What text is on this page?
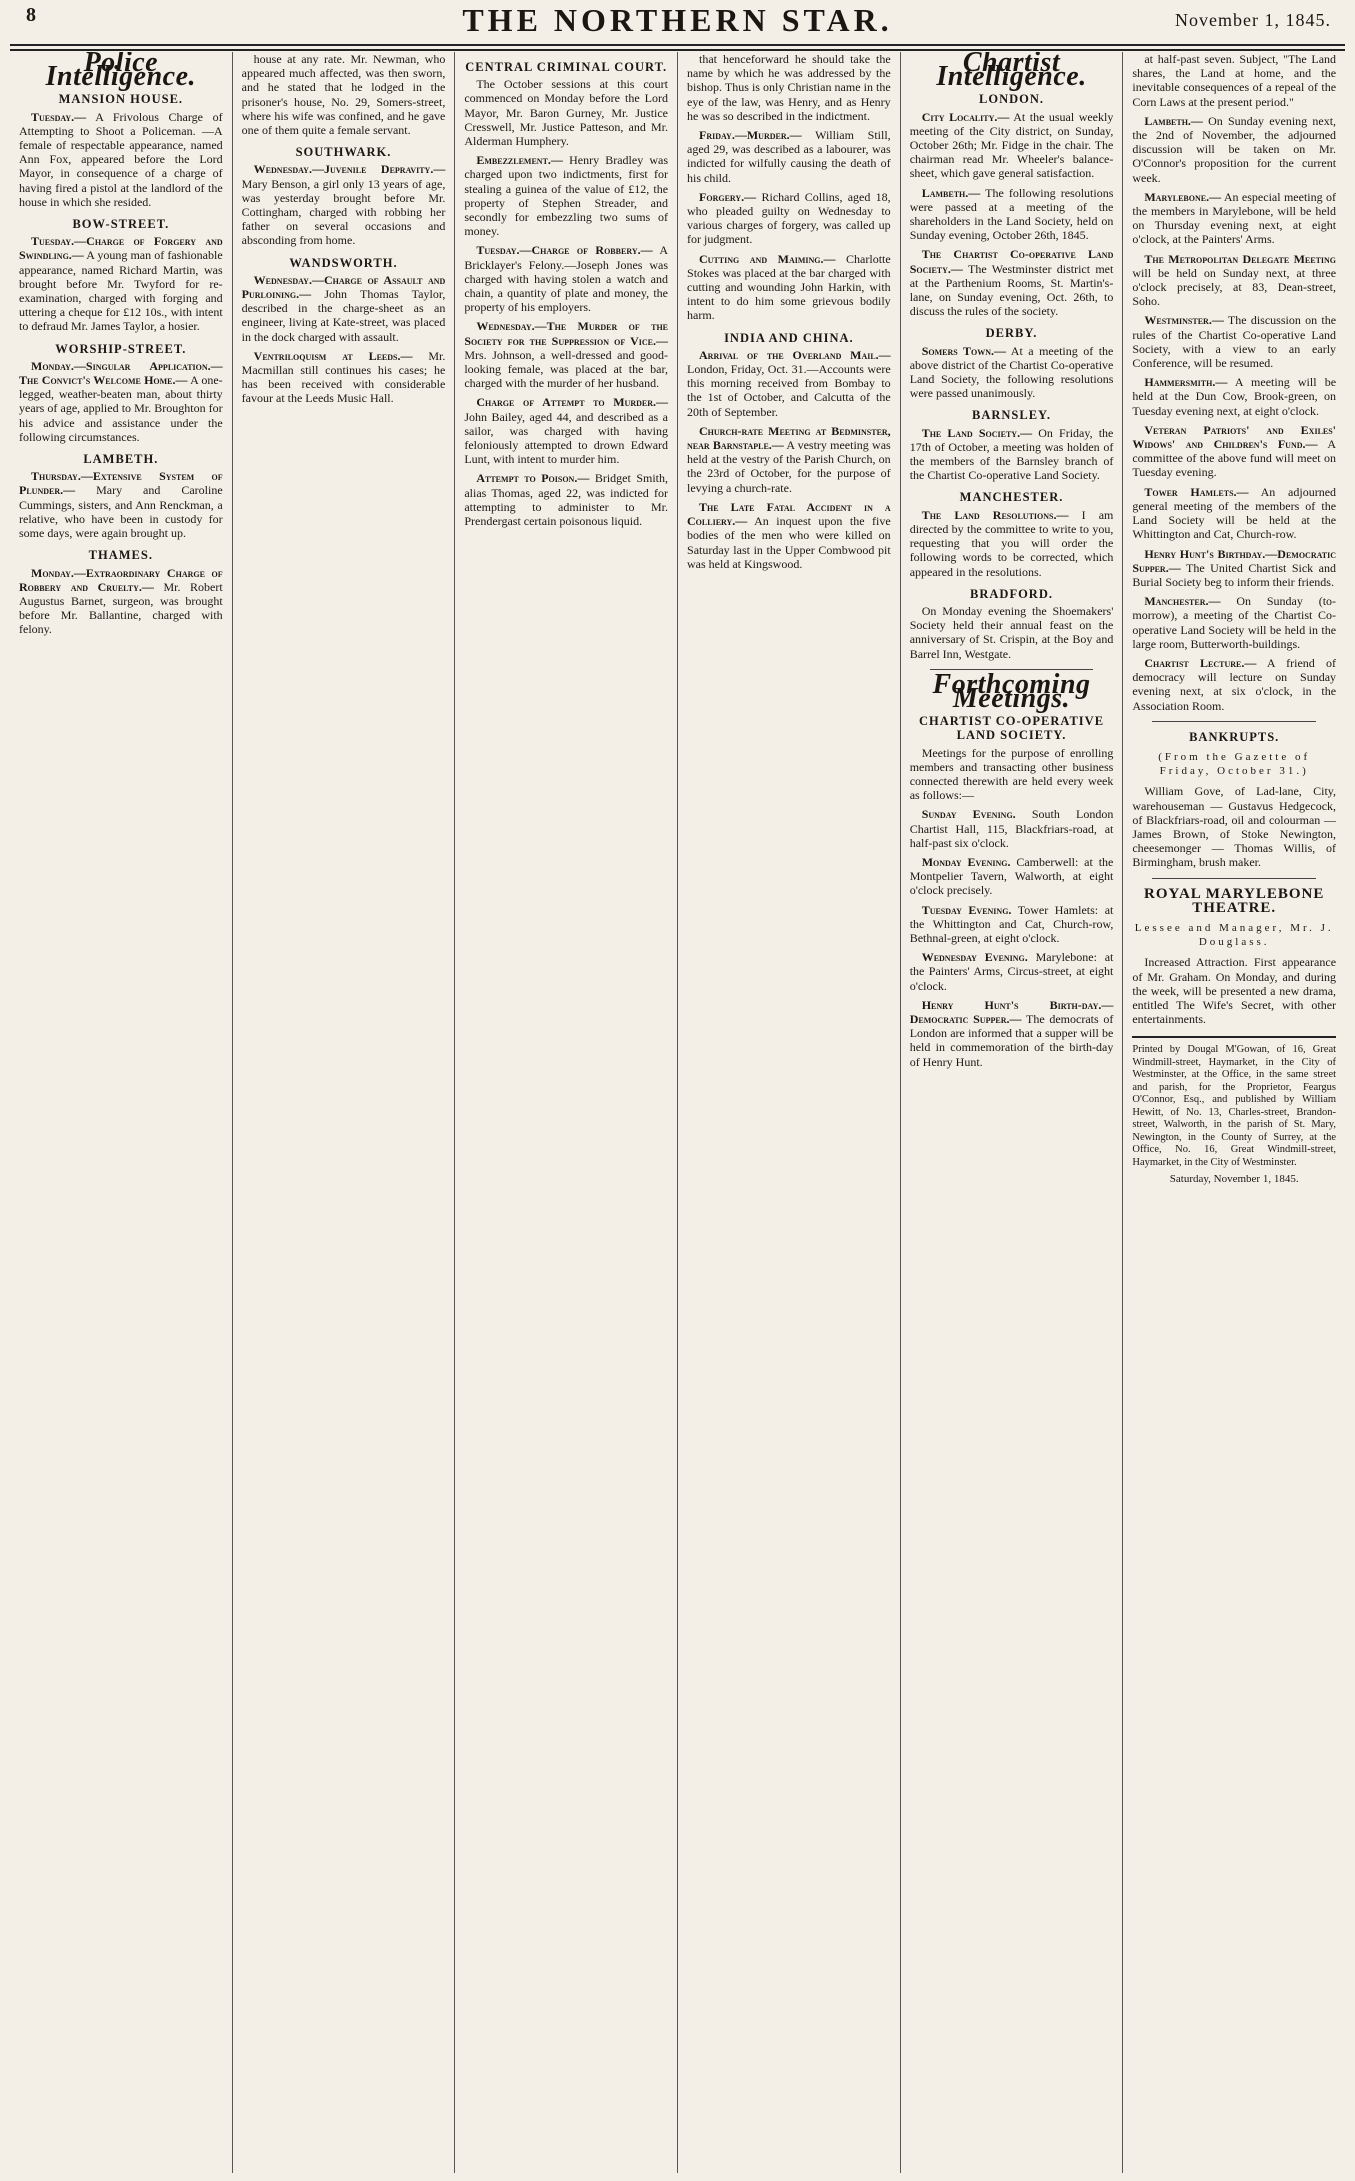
8	THE NORTHERN STAR.	November 1, 1845.
Police Intelligence.
MANSION HOUSE.

Tuesday.— A Frivolous Charge of Attempting to Shoot a Policeman. —A female of respectable appearance, named Ann Fox, appeared before the Lord Mayor, in consequence of a charge of having fired a pistol at the landlord of the house in which she resided.

BOW-STREET.

Tuesday.—Charge of Forgery and Swindling.— A young man of fashionable appearance, named Richard Martin, was brought before Mr. Twyford for re-examination, charged with forging and uttering a cheque for £12 10s., with intent to defraud Mr. James Taylor, a hosier.

WORSHIP-STREET.

Monday.—Singular Application.—The Convict's Welcome Home.— A one-legged, weather-beaten man, about thirty years of age, applied to Mr. Broughton for his advice and assistance under the following circumstances.

LAMBETH.

Thursday.—Extensive System of Plunder.— Mary and Caroline Cummings, sisters, and Ann Renckman, a relative, who have been in custody for some days, were again brought up.

THAMES.

Monday.—Extraordinary Charge of Robbery and Cruelty.— Mr. Robert Augustus Barnet, surgeon, was brought before Mr. Ballantine, charged with felony.

house at any rate. Mr. Newman, who appeared much affected, was then sworn, and he stated that he lodged in the prisoner's house, No. 29, Somers-street, where his wife was confined, and he gave one of them quite a female servant.

SOUTHWARK.

Wednesday.—Juvenile Depravity.— Mary Benson, a girl only 13 years of age, was yesterday brought before Mr. Cottingham, charged with robbing her father on several occasions and absconding from home.

WANDSWORTH.

Wednesday.—Charge of Assault and Purloining.— John Thomas Taylor, described in the charge-sheet as an engineer, living at Kate-street, was placed in the dock charged with assault.

Ventriloquism at Leeds.— Mr. Macmillan still continues his cases; he has been received with considerable favour at the Leeds Music Hall.

CENTRAL CRIMINAL COURT.

The October sessions at this court commenced on Monday before the Lord Mayor, Mr. Baron Gurney, Mr. Justice Cresswell, Mr. Justice Patteson, and Mr. Alderman Humphery.

Embezzlement.— Henry Bradley was charged upon two indictments, first for stealing a guinea of the value of £12, the property of Stephen Streader, and secondly for embezzling two sums of money.

Tuesday.—Charge of Robbery.— A Bricklayer's Felony.—Joseph Jones was charged with having stolen a watch and chain, a quantity of plate and money, the property of his employers.

Wednesday.—The Murder of the Society for the Suppression of Vice.— Mrs. Johnson, a well-dressed and good-looking female, was placed at the bar, charged with the murder of her husband.

Charge of Attempt to Murder.— John Bailey, aged 44, and described as a sailor, was charged with having feloniously attempted to drown Edward Lunt, with intent to murder him.

Attempt to Poison.— Bridget Smith, alias Thomas, aged 22, was indicted for attempting to administer to Mr. Prendergast certain poisonous liquid.

that henceforward he should take the name by which he was addressed by the bishop. Thus is only Christian name in the eye of the law, was Henry, and as Henry he was so described in the indictment.

Friday.—Murder.— William Still, aged 29, was described as a labourer, was indicted for wilfully causing the death of his child.

Forgery.— Richard Collins, aged 18, who pleaded guilty on Wednesday to various charges of forgery, was called up for judgment.

Cutting and Maiming.— Charlotte Stokes was placed at the bar charged with cutting and wounding John Harkin, with intent to do him some grievous bodily harm.

INDIA AND CHINA.

Arrival of the Overland Mail.— London, Friday, Oct. 31.—Accounts were this morning received from Bombay to the 1st of October, and Calcutta of the 20th of September.

Church-rate Meeting at Bedminster, near Barnstaple.— A vestry meeting was held at the vestry of the Parish Church, on the 23rd of October, for the purpose of levying a church-rate.

The Late Fatal Accident in a Colliery.— An inquest upon the five bodies of the men who were killed on Saturday last in the Upper Combwood pit was held at Kingswood.

Chartist Intelligence.
LONDON.

City Locality.— At the usual weekly meeting of the City district, on Sunday, October 26th; Mr. Fidge in the chair. The chairman read Mr. Wheeler's balance-sheet, which gave general satisfaction.

Lambeth.— The following resolutions were passed at a meeting of the shareholders in the Land Society, held on Sunday evening, October 26th, 1845.

The Chartist Co-operative Land Society.— The Westminster district met at the Parthenium Rooms, St. Martin's-lane, on Sunday evening, Oct. 26th, to discuss the rules of the society.

DERBY.

Somers Town.— At a meeting of the above district of the Chartist Co-operative Land Society, the following resolutions were passed unanimously.

BARNSLEY.

The Land Society.— On Friday, the 17th of October, a meeting was holden of the members of the Barnsley branch of the Chartist Co-operative Land Society.

MANCHESTER.

The Land Resolutions.— I am directed by the committee to write to you, requesting that you will order the following words to be corrected, which appeared in the resolutions.

BRADFORD.

On Monday evening the Shoemakers' Society held their annual feast on the anniversary of St. Crispin, at the Boy and Barrel Inn, Westgate.

Forthcoming Meetings.
CHARTIST CO-OPERATIVE LAND SOCIETY.

Meetings for the purpose of enrolling members and transacting other business connected therewith are held every week as follows:—

Sunday Evening. South London Chartist Hall, 115, Blackfriars-road, at half-past six o'clock.

Monday Evening. Camberwell: at the Montpelier Tavern, Walworth, at eight o'clock precisely.

Tuesday Evening. Tower Hamlets: at the Whittington and Cat, Church-row, Bethnal-green, at eight o'clock.

Wednesday Evening. Marylebone: at the Painters' Arms, Circus-street, at eight o'clock.

Henry Hunt's Birth-day.—Democratic Supper.— The democrats of London are informed that a supper will be held in commemoration of the birth-day of Henry Hunt.

at half-past seven. Subject, "The Land shares, the Land at home, and the inevitable consequences of a repeal of the Corn Laws at the present period."

Lambeth.— On Sunday evening next, the 2nd of November, the adjourned discussion will be taken on Mr. O'Connor's proposition for the current week.

Marylebone.— An especial meeting of the members in Marylebone, will be held on Thursday evening next, at eight o'clock, at the Painters' Arms.

The Metropolitan Delegate Meeting will be held on Sunday next, at three o'clock precisely, at 83, Dean-street, Soho.

Westminster.— The discussion on the rules of the Chartist Co-operative Land Society, with a view to an early Conference, will be resumed.

Hammersmith.— A meeting will be held at the Dun Cow, Brook-green, on Tuesday evening next, at eight o'clock.

Veteran Patriots' and Exiles' Widows' and Children's Fund.— A committee of the above fund will meet on Tuesday evening.

Tower Hamlets.— An adjourned general meeting of the members of the Land Society will be held at the Whittington and Cat, Church-row.

Henry Hunt's Birthday.—Democratic Supper.— The United Chartist Sick and Burial Society beg to inform their friends.

Manchester.— On Sunday (to-morrow), a meeting of the Chartist Co-operative Land Society will be held in the large room, Butterworth-buildings.

Chartist Lecture.— A friend of democracy will lecture on Sunday evening next, at six o'clock, in the Association Room.

BANKRUPTS.
(From the Gazette of Friday, October 31.)

William Gove, of Lad-lane, City, warehouseman — Gustavus Hedgecock, of Blackfriars-road, oil and colourman — James Brown, of Stoke Newington, cheesemonger — Thomas Willis, of Birmingham, brush maker.

ROYAL MARYLEBONE THEATRE.
Lessee and Manager, Mr. J. Douglass.

Increased Attraction. First appearance of Mr. Graham. On Monday, and during the week, will be presented a new drama, entitled The Wife's Secret, with other entertainments.

Printed by Dougal M'Gowan, of 16, Great Windmill-street, Haymarket, in the City of Westminster, at the Office, in the same street and parish, for the Proprietor, Feargus O'Connor, Esq., and published by William Hewitt, of No. 13, Charles-street, Brandon-street, Walworth, in the parish of St. Mary, Newington, in the County of Surrey, at the Office, No. 16, Great Windmill-street, Haymarket, in the City of Westminster.
Saturday, November 1, 1845.
